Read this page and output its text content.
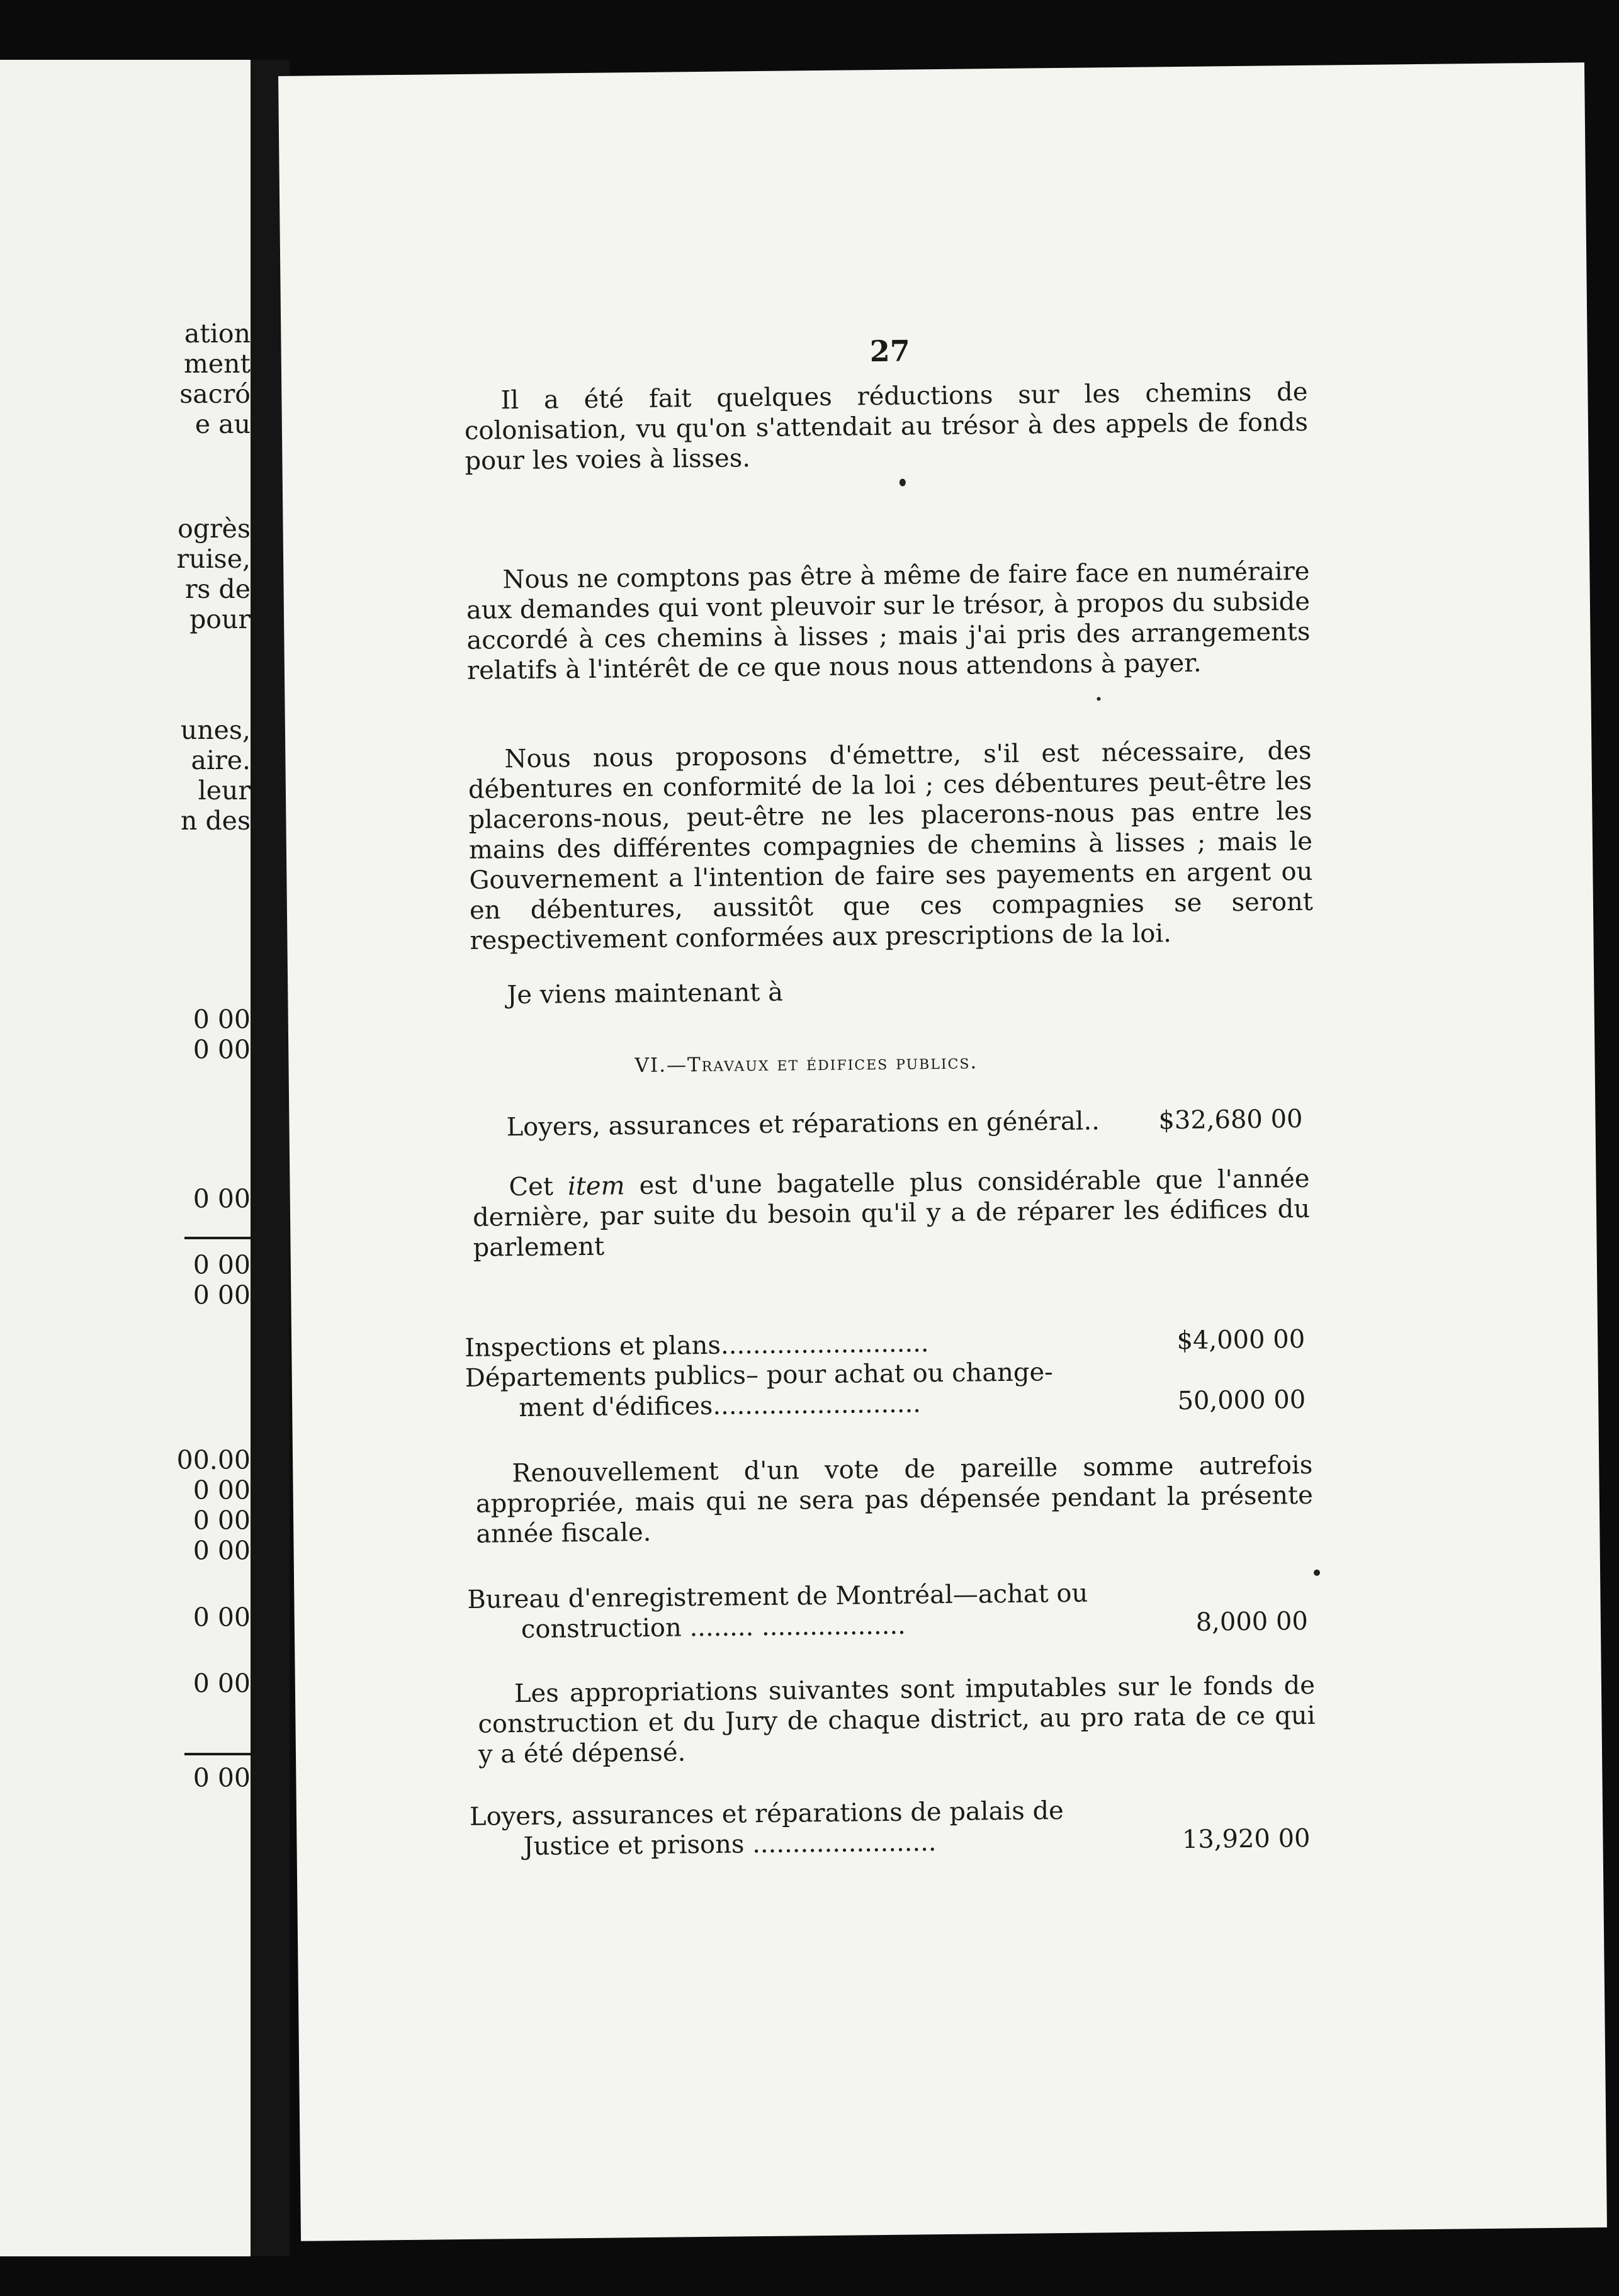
ation
ment
sacró
e au
ogrès
ruise,
rs de
pour
unes,
aire.
leur
n des
0 00
0 00
0 00
0 00
0 00
00.00
0 00
0 00
0 00
0 00
0 00
0 00
27

Il a été fait quelques réductions sur les chemins de colonisation, vu qu'on s'attendait au trésor à des appels de fonds pour les voies à lisses.

Nous ne comptons pas être à même de faire face en numéraire aux demandes qui vont pleuvoir sur le trésor, à propos du subside accordé à ces chemins à lisses ; mais j'ai pris des arrangements relatifs à l'intérêt de ce que nous nous attendons à payer.

Nous nous proposons d'émettre, s'il est nécessaire, des débentures en conformité de la loi ; ces débentures peut-être les placerons-nous, peut-être ne les placerons-nous pas entre les mains des différentes compagnies de chemins à lisses ; mais le Gouvernement a l'intention de faire ses payements en argent ou en débentures, aussitôt que ces compagnies se seront respectivement conformées aux prescriptions de la loi.

Je viens maintenant à

VI.—Travaux et édifices publics.
Loyers, assurances et réparations en général..	$32,680 00

Cet item est d'une bagatelle plus considérable que l'année dernière, par suite du besoin qu'il y a de réparer les édifices du parlement

Inspections et plans..........................	$4,000 00
Départements publics– pour achat ou change-
ment d'édifices..........................	50,000 00

Renouvellement d'un vote de pareille somme autrefois appropriée, mais qui ne sera pas dépensée pendant la présente année fiscale.

Bureau d'enregistrement de Montréal—achat ou
construction ........ ..................	8,000 00

Les appropriations suivantes sont imputables sur le fonds de construction et du Jury de chaque district, au pro rata de ce qui y a été dépensé.

Loyers, assurances et réparations de palais de
Justice et prisons .......................	13,920 00
